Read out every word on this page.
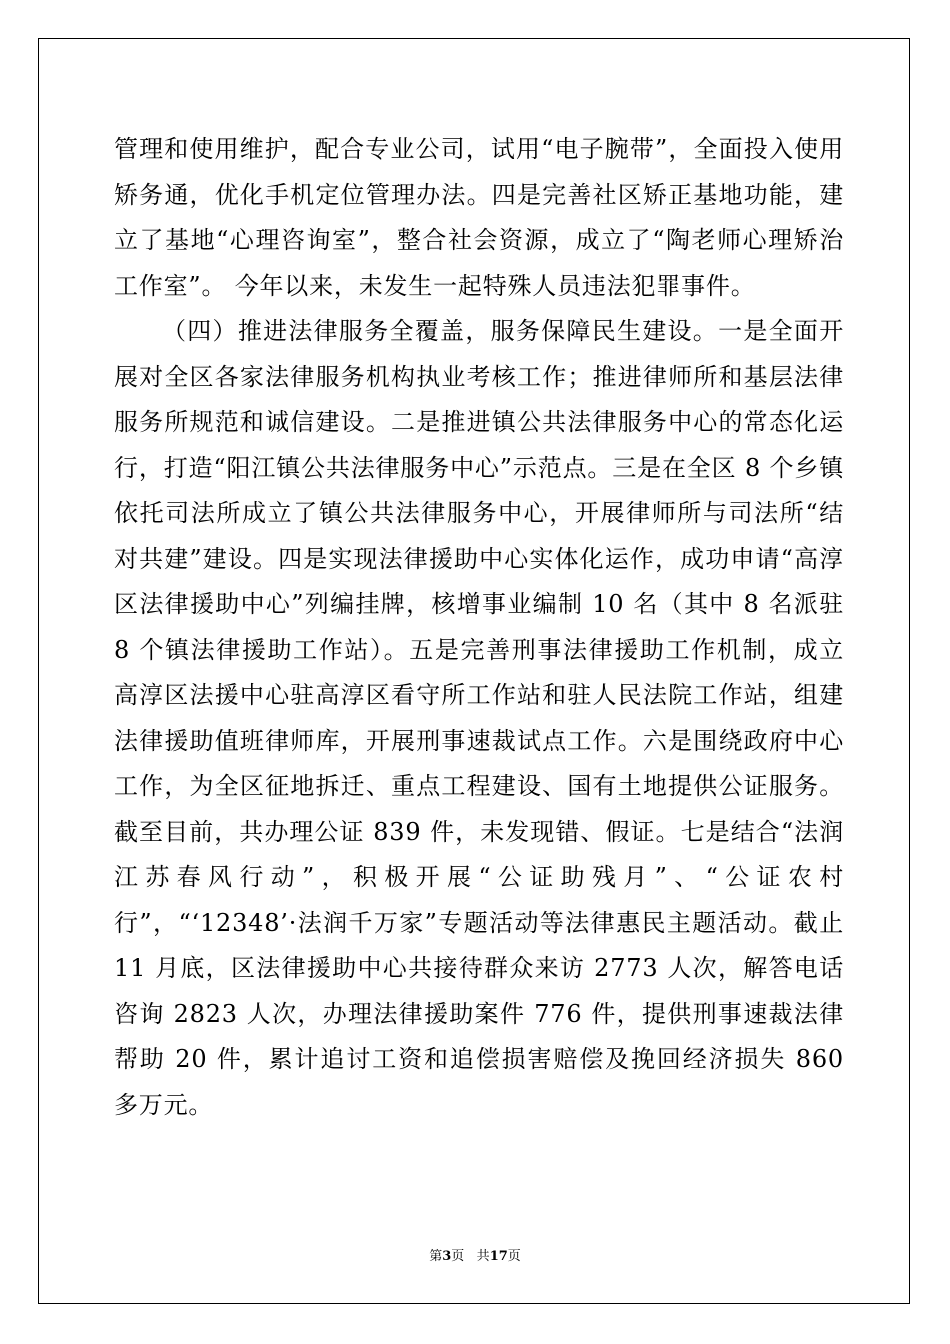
管理和使用维护，配合专业公司，试用“电子腕带”，全面投入使用矫务通，优化手机定位管理办法。四是完善社区矫正基地功能，建立了基地“心理咨询室”，整合社会资源，成立了“陶老师心理矫治工作室”。 今年以来，未发生一起特殊人员违法犯罪事件。

（四）推进法律服务全覆盖，服务保障民生建设。一是全面开展对全区各家法律服务机构执业考核工作；推进律师所和基层法律服务所规范和诚信建设。二是推进镇公共法律服务中心的常态化运行，打造“阳江镇公共法律服务中心”示范点。三是在全区 8 个乡镇依托司法所成立了镇公共法律服务中心，开展律师所与司法所“结对共建”建设。四是实现法律援助中心实体化运作，成功申请“高淳区法律援助中心”列编挂牌，核增事业编制 10 名（其中 8 名派驻 8 个镇法律援助工作站）。五是完善刑事法律援助工作机制，成立高淳区法援中心驻高淳区看守所工作站和驻人民法院工作站，组建法律援助值班律师库，开展刑事速裁试点工作。六是围绕政府中心工作，为全区征地拆迁、重点工程建设、国有土地提供公证服务。截至目前，共办理公证 839 件，未发现错、假证。七是结合“法润江苏春风行动”，积极开展“公证助残月”、“公证农村行”，“‘12348’·法润千万家”专题活动等法律惠民主题活动。截止 11 月底，区法律援助中心共接待群众来访 2773 人次，解答电话咨询 2823 人次，办理法律援助案件 776 件，提供刑事速裁法律帮助 20 件，累计追讨工资和追偿损害赔偿及挽回经济损失 860 多万元。

第3页 共17页
